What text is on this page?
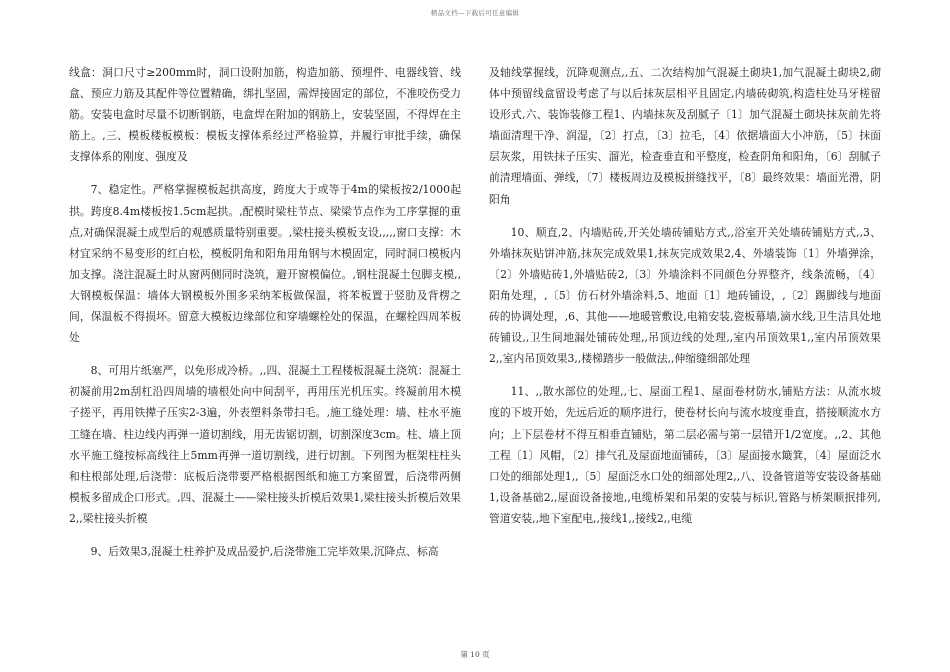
精品文档—下载后可任意编辑

线盒：洞口尺寸≥200mm时，洞口设附加筋，构造加筋、预埋件、电器线管、线盒、预应力筋及其配件等位置精确，绑扎坚固，需焊接固定的部位，不准咬伤受力筋。安装电盒时尽量不切断钢筋，电盒焊在附加的钢筋上，安装坚固，不得焊在主筋上。,三、模板楼板模板：模板支撑体系经过严格验算，并履行审批手续，确保支撑体系的刚度、强度及

7、稳定性。严格掌握模板起拱高度，跨度大于或等于4m的梁板按2/1000起拱。跨度8.4m楼板按1.5cm起拱。,配模时梁柱节点、梁梁节点作为工序掌握的重点,对确保混凝土成型后的观感质量特别重要。,梁柱接头模板支设,,,,,窗口支撑：木材宜采纳不易变形的红白松，模板阴角和阳角用角钢与木模固定，同时洞口模板内加支撑。浇注混凝土时从窗两侧同时浇筑，避开窗模偏位。,钢柱混凝土包脚支模,,大钢模板保温：墙体大钢模板外围多采纳苯板做保温，将苯板置于竖肋及背楞之间，保温板不得损坏。留意大模板边缘部位和穿墙螺栓处的保温，在螺栓四周苯板处

8、可用片纸塞严，以免形成冷桥。,,四、混凝土工程楼板混凝土浇筑：混凝土初凝前用2m刮杠沿四周墙的墙根处向中间刮平，再用压光机压实。终凝前用木模子搓平，再用铁撵子压实2-3遍，外表塑料条带扫毛。,施工缝处理：墙、柱水平施工缝在墙、柱边线内再弹一道切割线，用无齿锯切割，切割深度3cm。柱、墙上顶水平施工缝按标高线往上5mm再弹一道切割线，进行切割。下列图为框架柱柱头和柱根部处理,后浇带：底板后浇带要严格根据图纸和施工方案留置，后浇带两侧模板多留成企口形式。,四、混凝土——梁柱接头折模后效果1,梁柱接头折模后效果2,,梁柱接头折模

9、后效果3,混凝土柱养护及成品爱护,后浇带施工完毕效果,沉降点、标高

及轴线掌握线，沉降观测点,,五、二次结构加气混凝土砌块1,加气混凝土砌块2,砌体中预留线盒留设考虑了与以后抹灰层相平且固定,内墙砖砌筑,构造柱处马牙槎留设形式,六、装饰装修工程1、内墙抹灰及刮腻子〔1〕加气混凝土砌块抹灰前先将墙面清理干净、润湿，〔2〕打点，〔3〕拉毛，〔4〕依据墙面大小冲筋，〔5〕抹面层灰浆，用铁抹子压实、溜光，检查垂直和平整度，检查阴角和阳角，〔6〕刮腻子前清理墙面、弹线，〔7〕楼板周边及模板拼缝找平，〔8〕最终效果：墙面光滑，阴阳角

10、顺直,2、内墙贴砖,开关处墙砖铺贴方式,,浴室开关处墙砖铺贴方式,,3、外墙抹灰贴饼冲筋,抹灰完成效果1,抹灰完成效果2,4、外墙装饰〔1〕外墙弹涂，〔2〕外墙贴砖1,外墙贴砖2,〔3〕外墙涂料不同颜色分界整齐，线条流畅，〔4〕阳角处理，,〔5〕仿石材外墙涂料,5、地面〔1〕地砖铺设，,〔2〕踢脚线与地面砖的协调处理，,6、其他——地暖管敷设,电箱安装,瓷板幕墙,滴水线,卫生洁具处地砖铺设,,卫生间地漏处铺砖处理,,吊顶边线的处理,,室内吊顶效果1,,室内吊顶效果2,,室内吊顶效果3,,楼梯踏步一般做法,,伸缩缝细部处理

11、,,散水部位的处理,,七、屋面工程1、屋面卷材防水,铺贴方法：从流水坡度的下坡开始，先远后近的顺序进行，使卷材长向与流水坡度垂直，搭接顺流水方向；上下层卷材不得互相垂直铺贴，第二层必需与第一层错开1/2宽度。,,2、其他工程〔1〕风帽，〔2〕排气孔及屋面地面铺砖，〔3〕屋面接水簸箕，〔4〕屋面泛水口处的细部处理1,,〔5〕屋面泛水口处的细部处理2,,八、设备管道等安装设备基础1,设备基础2,,屋面设备接地,,电缆桥架和吊架的安装与标识,管路与桥架顺抿排列,管道安装,,地下室配电,,接线1,,接线2,,电缆

第 10 页
